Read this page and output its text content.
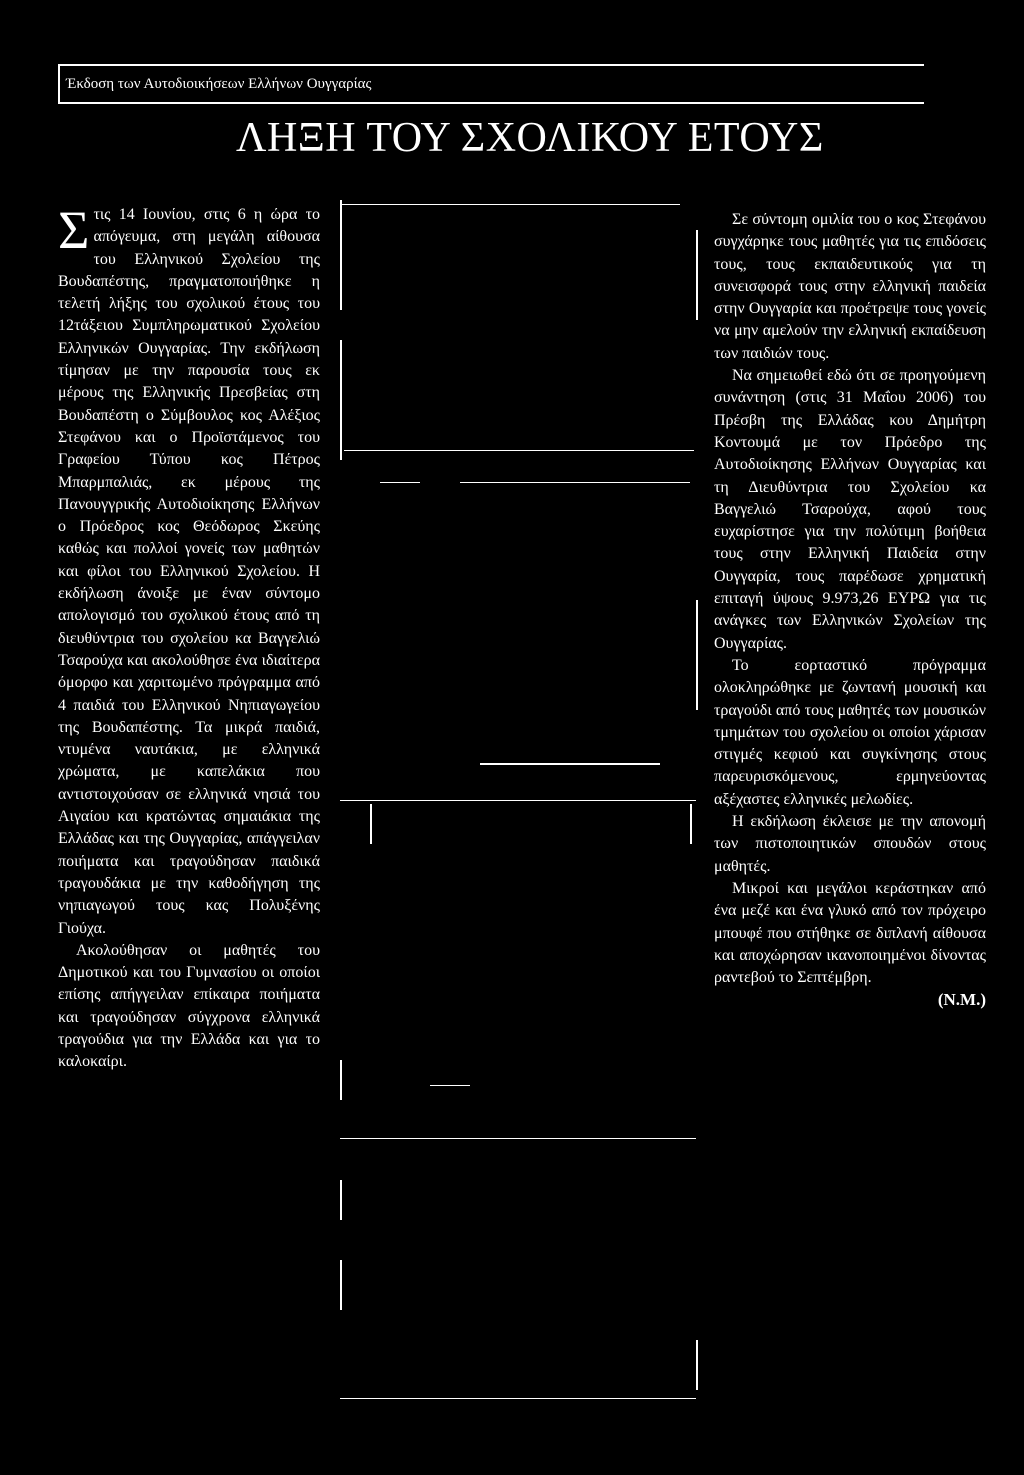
Έκδοση των Αυτοδιοικήσεων Ελλήνων Ουγγαρίας
ΛΗΞΗ ΤΟΥ ΣΧΟΛΙΚΟΥ ΕΤΟΥΣ

Στις 14 Ιουνίου, στις 6 η ώρα το απόγευμα, στη μεγάλη αίθουσα του Ελληνικού Σχολείου της Βουδαπέστης, πραγματοποιήθηκε η τελετή λήξης του σχολικού έτους του 12τάξειου Συμπληρωματικού Σχολείου Ελληνικών Ουγγαρίας. Την εκδήλωση τίμησαν με την παρουσία τους εκ μέρους της Ελληνικής Πρεσβείας στη Βουδαπέστη ο Σύμβουλος κος Αλέξιος Στεφάνου και ο Προϊστάμενος του Γραφείου Τύπου κος Πέτρος Μπαρμπαλιάς, εκ μέρους της Πανουγγρικής Αυτοδιοίκησης Ελλήνων ο Πρόεδρος κος Θεόδωρος Σκεύης καθώς και πολλοί γονείς των μαθητών και φίλοι του Ελληνικού Σχολείου. Η εκδήλωση άνοιξε με έναν σύντομο απολογισμό του σχολικού έτους από τη διευθύντρια του σχολείου κα Βαγγελιώ Τσαρούχα και ακολούθησε ένα ιδιαίτερα όμορφο και χαριτωμένο πρόγραμμα από 4 παιδιά του Ελληνικού Νηπιαγωγείου της Βουδαπέστης. Τα μικρά παιδιά, ντυμένα ναυτάκια, με ελληνικά χρώματα, με καπελάκια που αντιστοιχούσαν σε ελληνικά νησιά του Αιγαίου και κρατώντας σημαιάκια της Ελλάδας και της Ουγγαρίας, απάγγειλαν ποιήματα και τραγούδησαν παιδικά τραγουδάκια με την καθοδήγηση της νηπιαγωγού τους κας Πολυξένης Γιούχα.

Ακολούθησαν οι μαθητές του Δημοτικού και του Γυμνασίου οι οποίοι επίσης απήγγειλαν επίκαιρα ποιήματα και τραγούδησαν σύγχρονα ελληνικά τραγούδια για την Ελλάδα και για το καλοκαίρι.

Σε σύντομη ομιλία του ο κος Στεφάνου συγχάρηκε τους μαθητές για τις επιδόσεις τους, τους εκπαιδευτικούς για τη συνεισφορά τους στην ελληνική παιδεία στην Ουγγαρία και προέτρεψε τους γονείς να μην αμελούν την ελληνική εκπαίδευση των παιδιών τους.

Να σημειωθεί εδώ ότι σε προηγούμενη συνάντηση (στις 31 Μαΐου 2006) του Πρέσβη της Ελλάδας κου Δημήτρη Κοντουμά με τον Πρόεδρο της Αυτοδιοίκησης Ελλήνων Ουγγαρίας και τη Διευθύντρια του Σχολείου κα Βαγγελιώ Τσαρούχα, αφού τους ευχαρίστησε για την πολύτιμη βοήθεια τους στην Ελληνική Παιδεία στην Ουγγαρία, τους παρέδωσε χρηματική επιταγή ύψους 9.973,26 ΕΥΡΩ για τις ανάγκες των Ελληνικών Σχολείων της Ουγγαρίας.

Το εορταστικό πρόγραμμα ολοκληρώθηκε με ζωντανή μουσική και τραγούδι από τους μαθητές των μουσικών τμημάτων του σχολείου οι οποίοι χάρισαν στιγμές κεφιού και συγκίνησης στους παρευρισκόμενους, ερμηνεύοντας αξέχαστες ελληνικές μελωδίες.

Η εκδήλωση έκλεισε με την απονομή των πιστοποιητικών σπουδών στους μαθητές.

Μικροί και μεγάλοι κεράστηκαν από ένα μεζέ και ένα γλυκό από τον πρόχειρο μπουφέ που στήθηκε σε διπλανή αίθουσα και αποχώρησαν ικανοποιημένοι δίνοντας ραντεβού το Σεπτέμβρη.

(Ν.Μ.)
